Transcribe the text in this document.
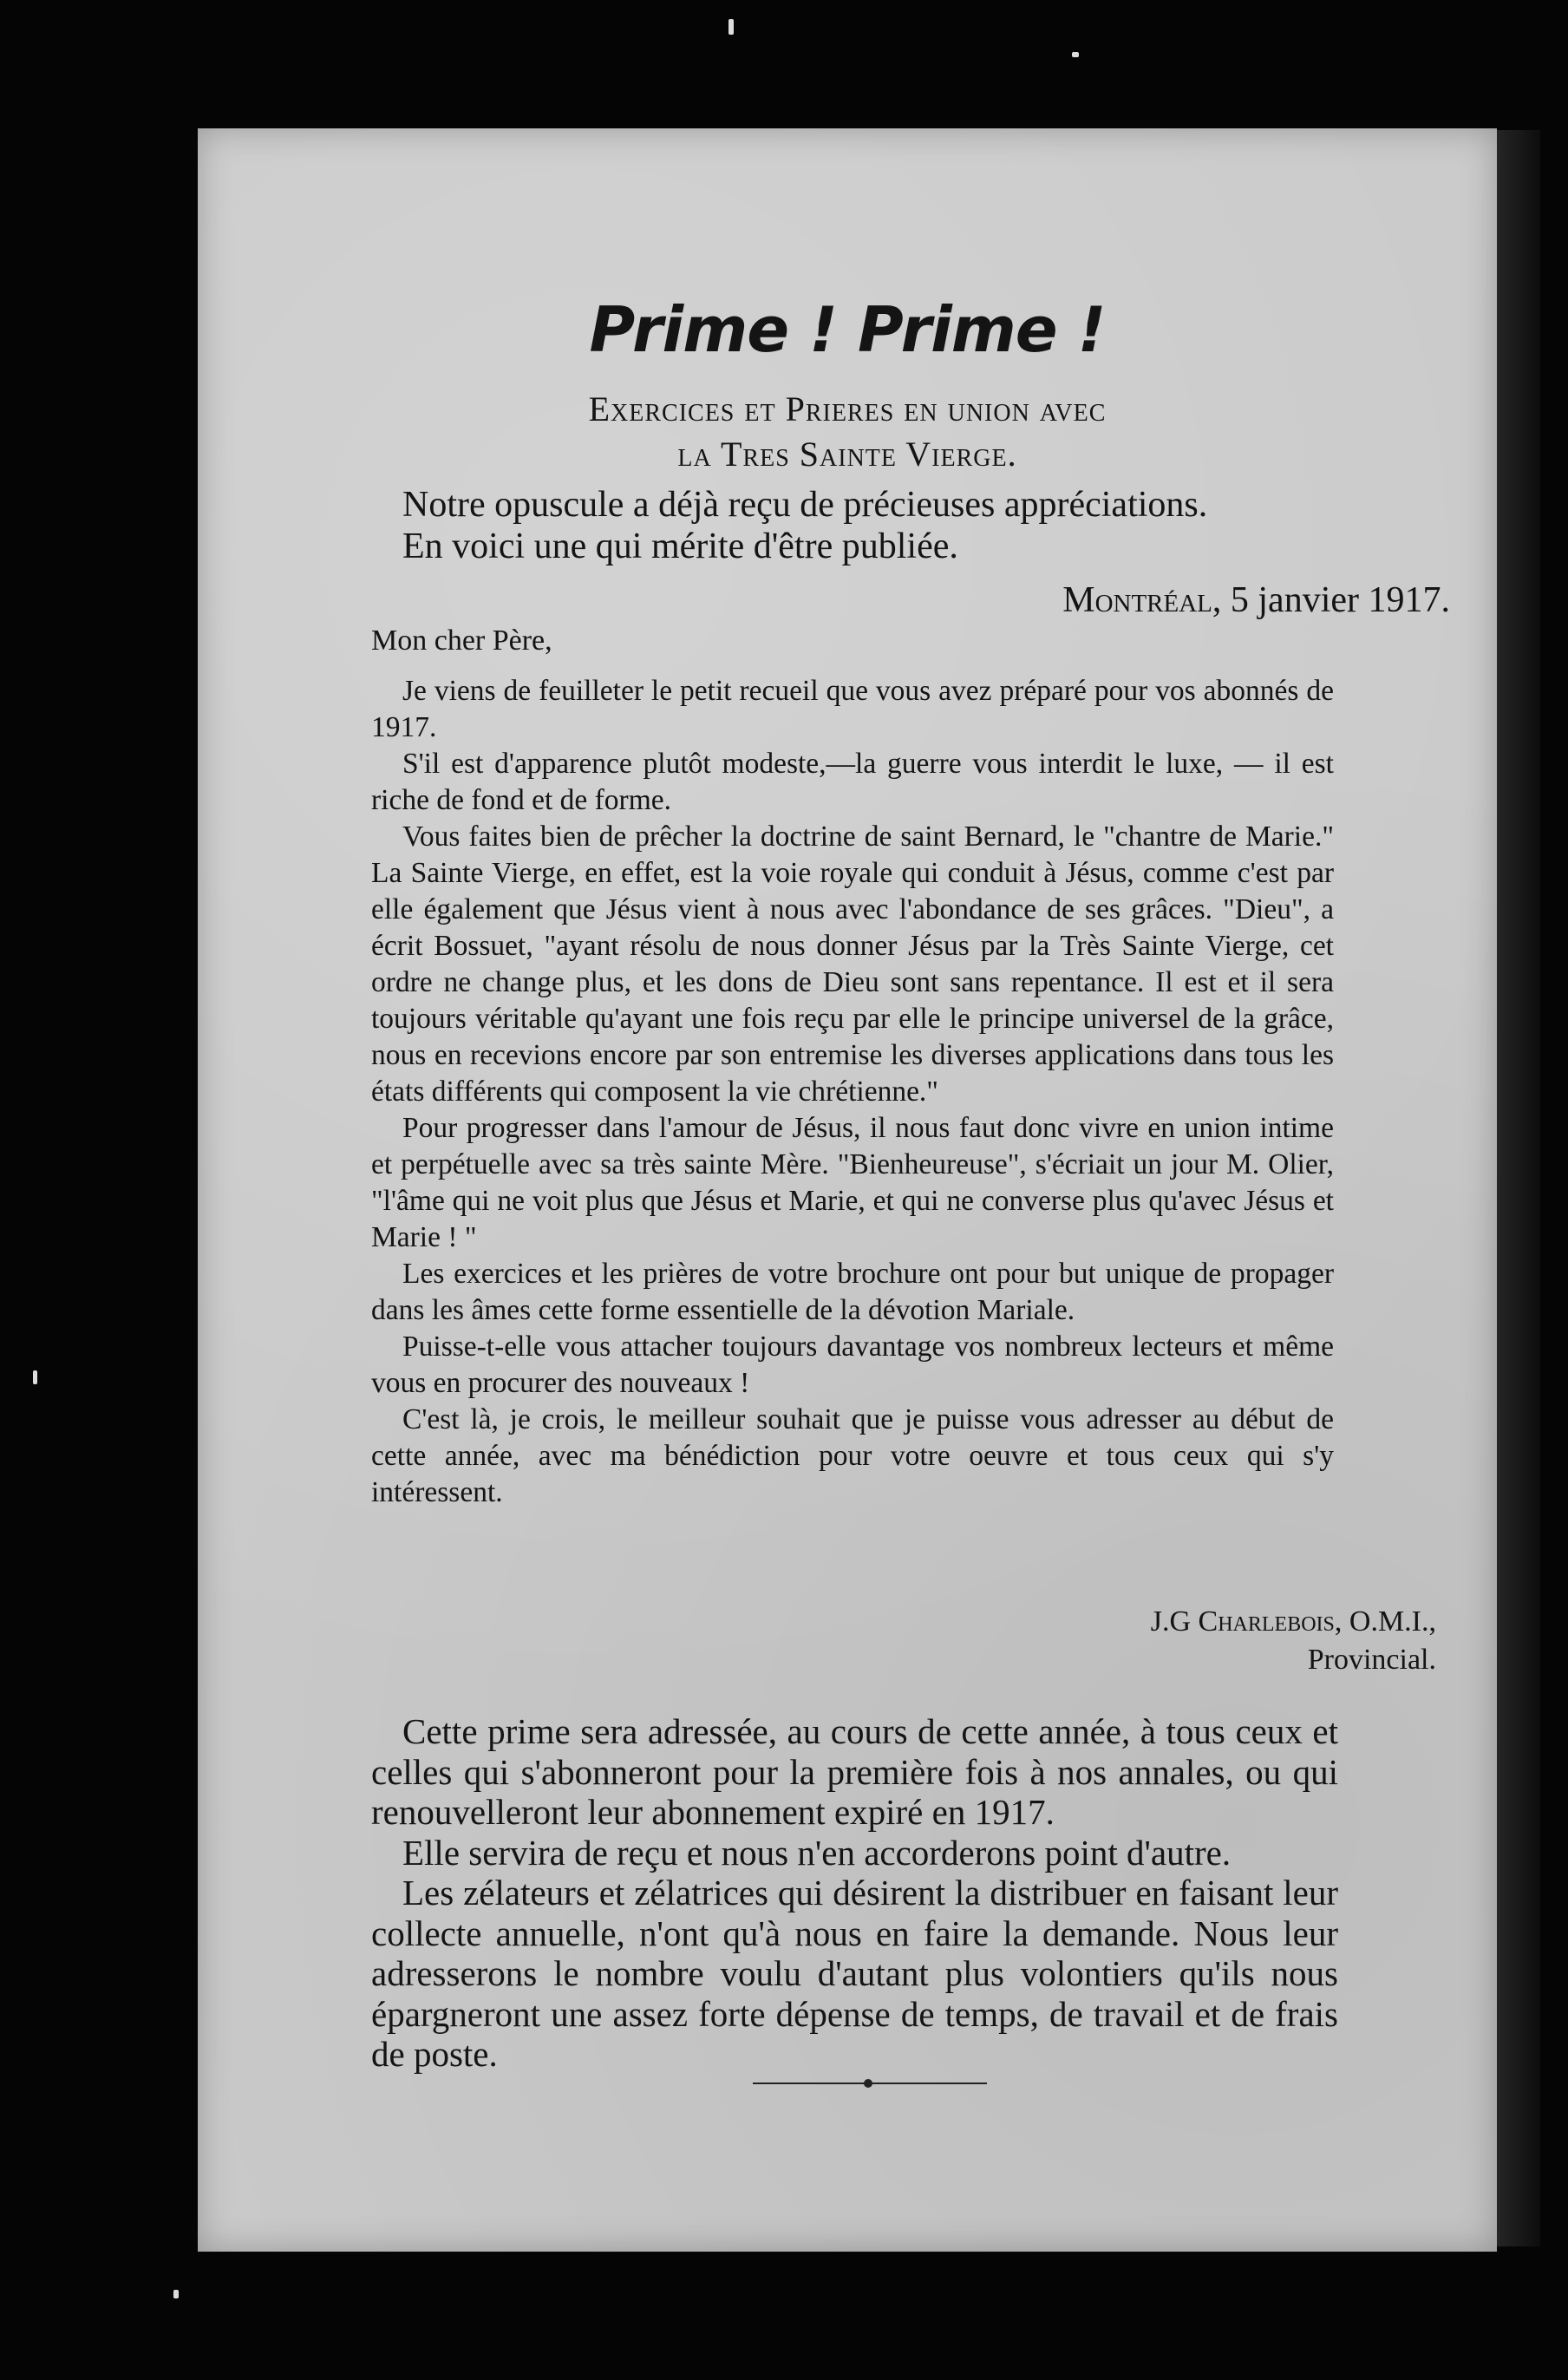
Prime ! Prime !
Exercices et Prieres en union avec
la Tres Sainte Vierge.

Notre opuscule a déjà reçu de précieuses appréciations.

En voici une qui mérite d'être publiée.

Montréal, 5 janvier 1917.
Mon cher Père,

Je viens de feuilleter le petit recueil que vous avez préparé pour vos abonnés de 1917.

S'il est d'apparence plutôt modeste,—la guerre vous interdit le luxe, — il est riche de fond et de forme.

Vous faites bien de prêcher la doctrine de saint Bernard, le "chantre de Marie." La Sainte Vierge, en effet, est la voie royale qui conduit à Jésus, comme c'est par elle également que Jésus vient à nous avec l'abondance de ses grâces. "Dieu", a écrit Bossuet, "ayant résolu de nous donner Jésus par la Très Sainte Vierge, cet ordre ne change plus, et les dons de Dieu sont sans repentance. Il est et il sera toujours véritable qu'ayant une fois reçu par elle le principe universel de la grâce, nous en recevions encore par son entremise les diverses applications dans tous les états différents qui composent la vie chrétienne."

Pour progresser dans l'amour de Jésus, il nous faut donc vivre en union intime et perpétuelle avec sa très sainte Mère. "Bienheureuse", s'écriait un jour M. Olier, "l'âme qui ne voit plus que Jésus et Marie, et qui ne converse plus qu'avec Jésus et Marie ! "

Les exercices et les prières de votre brochure ont pour but unique de propager dans les âmes cette forme essentielle de la dévotion Mariale.

Puisse-t-elle vous attacher toujours davantage vos nombreux lecteurs et même vous en procurer des nouveaux !

C'est là, je crois, le meilleur souhait que je puisse vous adresser au début de cette année, avec ma bénédiction pour votre oeuvre et tous ceux qui s'y intéressent.

J.G Charlebois, O.M.I.,
Provincial.

Cette prime sera adressée, au cours de cette année, à tous ceux et celles qui s'abonneront pour la première fois à nos annales, ou qui renouvelleront leur abonnement expiré en 1917.

Elle servira de reçu et nous n'en accorderons point d'autre.

Les zélateurs et zélatrices qui désirent la distribuer en faisant leur collecte annuelle, n'ont qu'à nous en faire la demande. Nous leur adresserons le nombre voulu d'autant plus volontiers qu'ils nous épargneront une assez forte dépense de temps, de travail et de frais de poste.
